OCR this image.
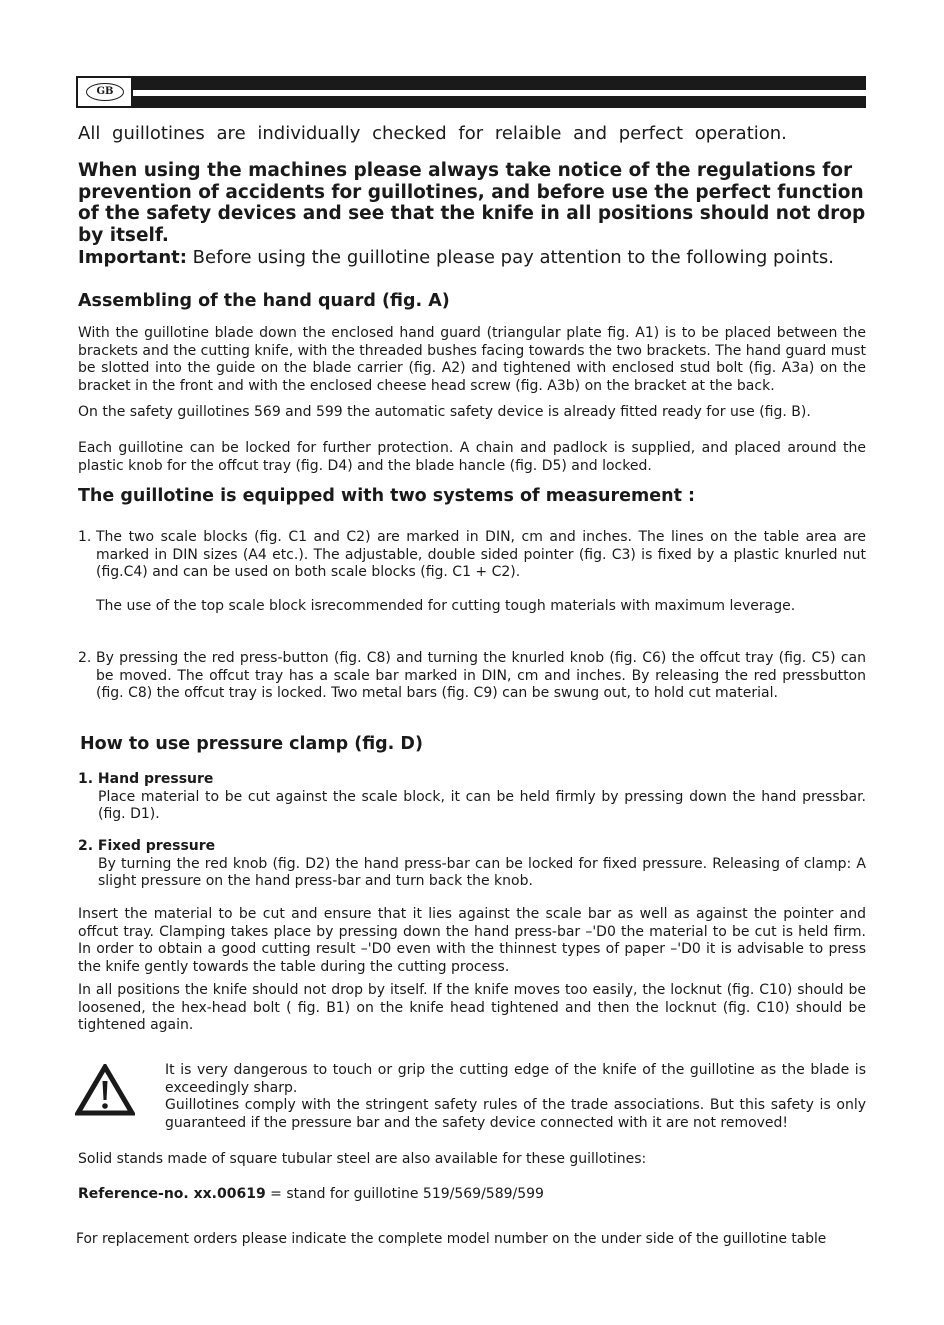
GB

All guillotines are individually checked for relaible and perfect operation.

When using the machines please always take notice of the regulations for prevention of accidents for guillotines, and before use the perfect function of the safety devices and see that the knife in all positions should not drop by itself.

Important: Before using the guillotine please pay attention to the following points.

Assembling of the hand quard (fig. A)

With the guillotine blade down the enclosed hand guard (triangular plate fig. A1) is to be placed between the brackets and the cutting knife, with the threaded bushes facing towards the two brackets. The hand guard must be slotted into the guide on the blade carrier (fig. A2) and tightened with enclosed stud bolt (fig. A3a) on the bracket in the front and with the enclosed cheese head screw (fig. A3b) on the bracket at the back.

On the safety guillotines 569 and 599 the automatic safety device is already fitted ready for use (fig. B).

Each guillotine can be locked for further protection. A chain and padlock is supplied, and placed around the plastic knob for the offcut tray (fig. D4) and the blade hancle (fig. D5) and locked.

The guillotine is equipped with two systems of measurement :
1. The two scale blocks (fig. C1 and C2) are marked in DIN, cm and inches. The lines on the table area are marked in DIN sizes (A4 etc.). The adjustable, double sided pointer (fig. C3) is fixed by a plastic knurled nut (fig.C4) and can be used on both scale blocks (fig. C1 + C2).
The use of the top scale block isrecommended for cutting tough materials with maximum leverage.
2. By pressing the red press-button (fig. C8) and turning the knurled knob (fig. C6) the offcut tray (fig. C5) can be moved. The offcut tray has a scale bar marked in DIN, cm and inches. By releasing the red pressbutton (fig. C8) the offcut tray is locked. Two metal bars (fig. C9) can be swung out, to hold cut material.
How to use pressure clamp (fig. D)
1. Hand pressure
Place material to be cut against the scale block, it can be held firmly by pressing down the hand pressbar. (fig. D1).
2. Fixed pressure
By turning the red knob (fig. D2) the hand press-bar can be locked for fixed pressure. Releasing of clamp: A slight pressure on the hand press-bar and turn back the knob.

Insert the material to be cut and ensure that it lies against the scale bar as well as against the pointer and offcut tray. Clamping takes place by pressing down the hand press-bar –'D0 the material to be cut is held firm. In order to obtain a good cutting result –'D0 even with the thinnest types of paper –'D0 it is advisable to press the knife gently towards the table during the cutting process.

In all positions the knife should not drop by itself. If the knife moves too easily, the locknut (fig. C10) should be loosened, the hex-head bolt ( fig. B1) on the knife head tightened and then the locknut (fig. C10) should be tightened again.

It is very dangerous to touch or grip the cutting edge of the knife of the guillotine as the blade is exceedingly sharp.

Guillotines comply with the stringent safety rules of the trade associations. But this safety is only guaranteed if the pressure bar and the safety device connected with it are not removed!

Solid stands made of square tubular steel are also available for these guillotines:

Reference-no. xx.00619 = stand for guillotine 519/569/589/599

For replacement orders please indicate the complete model number on the under side of the guillotine table
